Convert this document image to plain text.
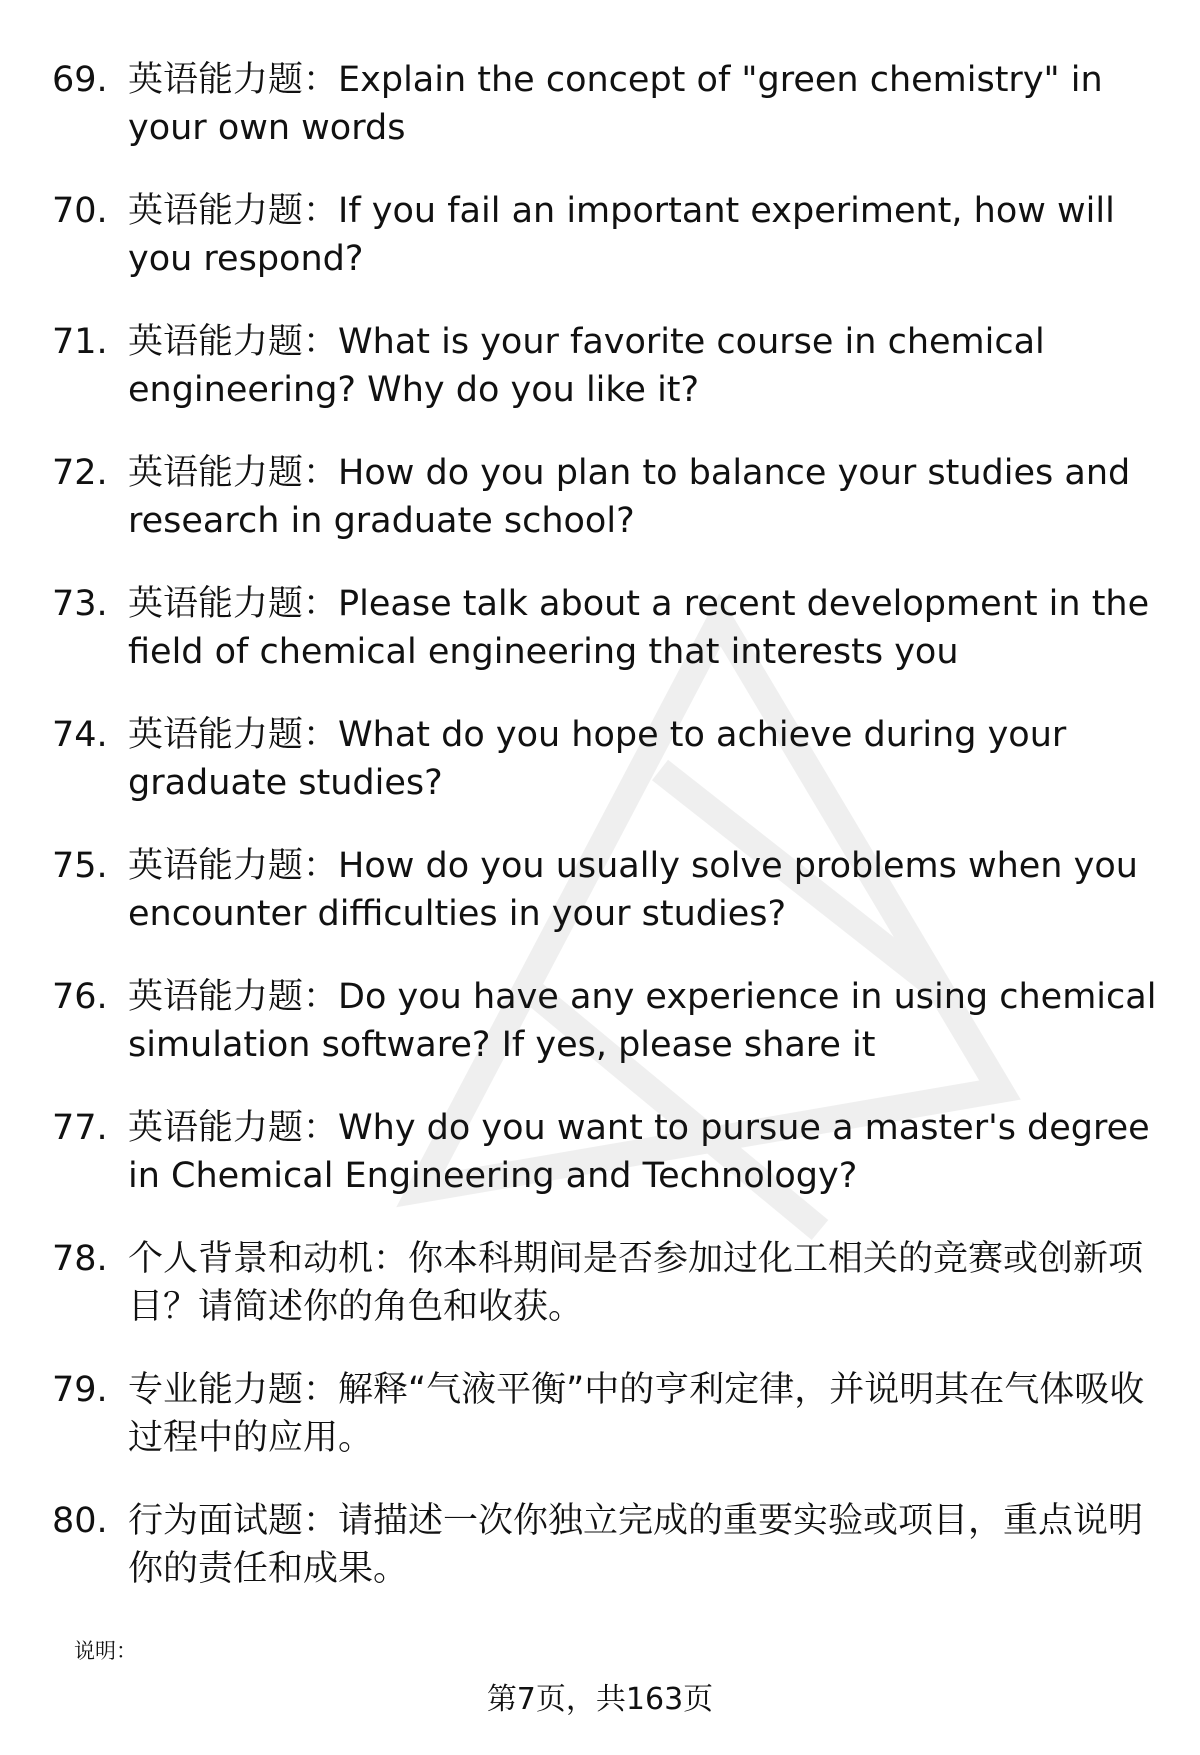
69. 英语能力题：Explain the concept of "green chemistry" in your own words
70. 英语能力题：If you fail an important experiment, how will you respond?
71. 英语能力题：What is your favorite course in chemical engineering? Why do you like it?
72. 英语能力题：How do you plan to balance your studies and research in graduate school?
73. 英语能力题：Please talk about a recent development in the field of chemical engineering that interests you
74. 英语能力题：What do you hope to achieve during your graduate studies?
75. 英语能力题：How do you usually solve problems when you encounter difficulties in your studies?
76. 英语能力题：Do you have any experience in using chemical simulation software? If yes, please share it
77. 英语能力题：Why do you want to pursue a master's degree in Chemical Engineering and Technology?
78. 个人背景和动机：你本科期间是否参加过化工相关的竞赛或创新项目？请简述你的角色和收获。
79. 专业能力题：解释“气液平衡”中的亨利定律，并说明其在气体吸收过程中的应用。
80. 行为面试题：请描述一次你独立完成的重要实验或项目，重点说明你的责任和成果。
说明：
第7页，共163页
